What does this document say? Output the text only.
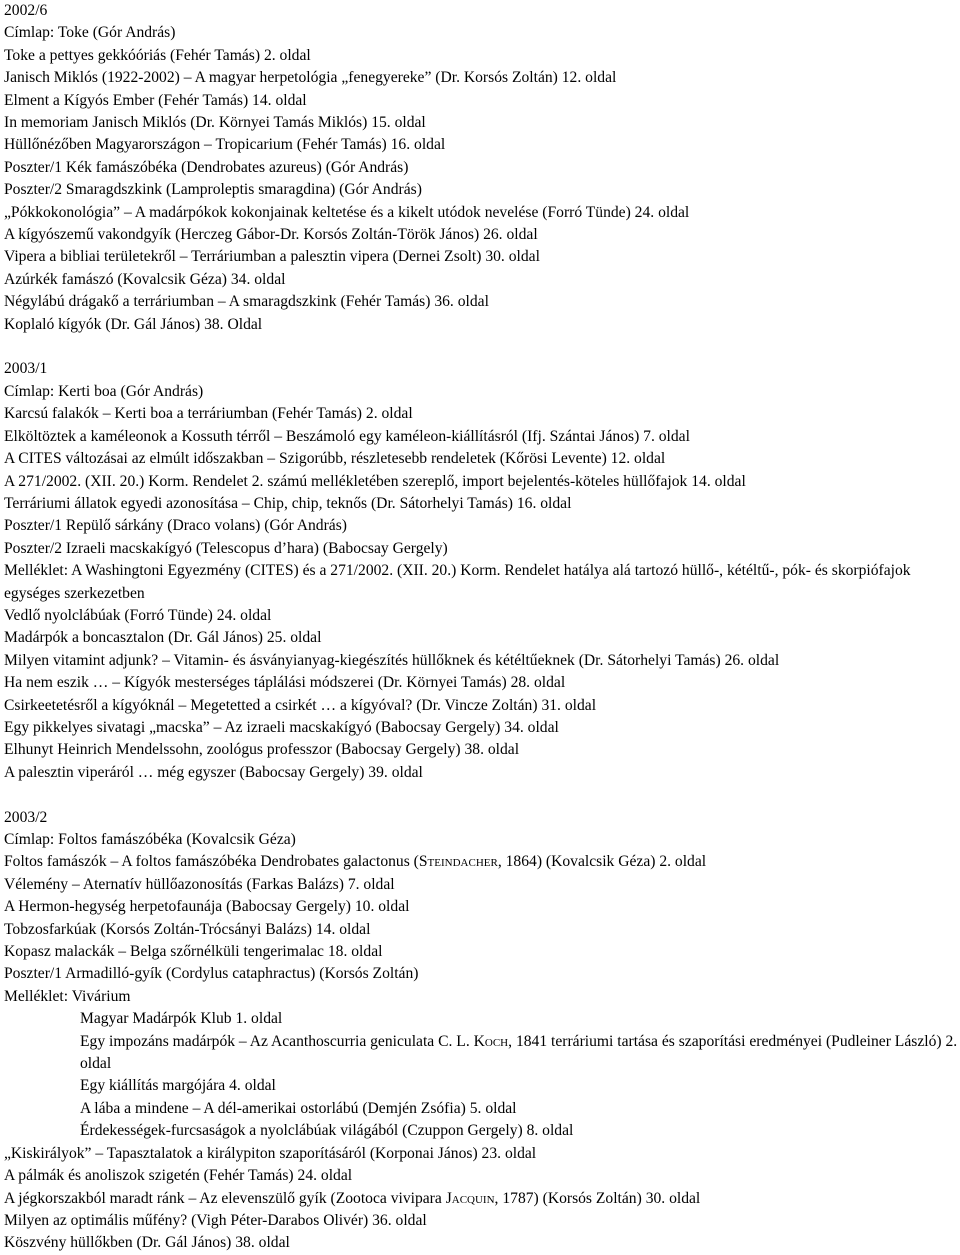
2002/6
Címlap: Toke (Gór András)
Toke a pettyes gekkóóriás (Fehér Tamás) 2. oldal
Janisch Miklós (1922-2002) – A magyar herpetológia „fenegyereke” (Dr. Korsós Zoltán) 12. oldal
Elment a Kígyós Ember (Fehér Tamás) 14. oldal
In memoriam Janisch Miklós (Dr. Környei Tamás Miklós) 15. oldal
Hüllőnézőben Magyarországon – Tropicarium (Fehér Tamás) 16. oldal
Poszter/1 Kék famászóbéka (Dendrobates azureus) (Gór András)
Poszter/2 Smaragdszkink (Lamproleptis smaragdina) (Gór András)
„Pókkokonológia” – A madárpókok kokonjainak keltetése és a kikelt utódok nevelése (Forró Tünde) 24. oldal
A kígyószemű vakondgyík (Herczeg Gábor-Dr. Korsós Zoltán-Török János) 26. oldal
Vipera a bibliai területekről – Terráriumban a palesztin vipera (Dernei Zsolt) 30. oldal
Azúrkék famászó (Kovalcsik Géza) 34. oldal
Négylábú drágakő a terráriumban – A smaragdszkink (Fehér Tamás) 36. oldal
Koplaló kígyók (Dr. Gál János) 38. Oldal
2003/1
Címlap: Kerti boa (Gór András)
Karcsú falakók – Kerti boa a terráriumban (Fehér Tamás) 2. oldal
Elköltöztek a kaméleonok a Kossuth térről – Beszámoló egy kaméleon-kiállításról (Ifj. Szántai János) 7. oldal
A CITES változásai az elmúlt időszakban – Szigorúbb, részletesebb rendeletek (Kőrösi Levente) 12. oldal
A 271/2002. (XII. 20.) Korm. Rendelet 2. számú mellékletében szereplő, import bejelentés-köteles hüllőfajok 14. oldal
Terráriumi állatok egyedi azonosítása – Chip, chip, teknős (Dr. Sátorhelyi Tamás) 16. oldal
Poszter/1 Repülő sárkány (Draco volans) (Gór András)
Poszter/2 Izraeli macskakígyó (Telescopus d’hara) (Babocsay Gergely)
Melléklet: A Washingtoni Egyezmény (CITES) és a 271/2002. (XII. 20.) Korm. Rendelet hatálya alá tartozó hüllő-, kétéltű-, pók- és skorpiófajok egységes szerkezetben
Vedlő nyolclábúak (Forró Tünde) 24. oldal
Madárpók a boncasztalon (Dr. Gál János) 25. oldal
Milyen vitamint adjunk? – Vitamin- és ásványianyag-kiegészítés hüllőknek és kétéltűeknek (Dr. Sátorhelyi Tamás) 26. oldal
Ha nem eszik … – Kígyók mesterséges táplálási módszerei (Dr. Környei Tamás) 28. oldal
Csirkeetetésről a kígyóknál – Megetetted a csirkét … a kígyóval? (Dr. Vincze Zoltán) 31. oldal
Egy pikkelyes sivatagi „macska” – Az izraeli macskakígyó (Babocsay Gergely) 34. oldal
Elhunyt Heinrich Mendelssohn, zoológus professzor (Babocsay Gergely) 38. oldal
A palesztin viperáról … még egyszer (Babocsay Gergely) 39. oldal
2003/2
Címlap: Foltos famászóbéka (Kovalcsik Géza)
Foltos famászók – A foltos famászóbéka Dendrobates galactonus (Steindacher, 1864) (Kovalcsik Géza) 2. oldal
Vélemény – Aternatív hüllőazonosítás (Farkas Balázs) 7. oldal
A Hermon-hegység herpetofaunája (Babocsay Gergely) 10. oldal
Tobzosfarkúak (Korsós Zoltán-Trócsányi Balázs) 14. oldal
Kopasz malackák – Belga szőrnélküli tengerimalac 18. oldal
Poszter/1 Armadilló-gyík (Cordylus cataphractus) (Korsós Zoltán)
Melléklet: Vivárium
Magyar Madárpók Klub 1. oldal
Egy impozáns madárpók – Az Acanthoscurria geniculata C. L. Koch, 1841 terráriumi tartása és szaporítási eredményei (Pudleiner László) 2. oldal
Egy kiállítás margójára 4. oldal
A lába a mindene – A dél-amerikai ostorlábú (Demjén Zsófia) 5. oldal
Érdekességek-furcsaságok a nyolclábúak világából (Czuppon Gergely) 8. oldal
„Kiskirályok” – Tapasztalatok a királypiton szaporításáról (Korponai János) 23. oldal
A pálmák és anoliszok szigetén (Fehér Tamás) 24. oldal
A jégkorszakból maradt ránk – Az elevenszülő gyík (Zootoca vivipara Jacquin, 1787) (Korsós Zoltán) 30. oldal
Milyen az optimális műfény? (Vigh Péter-Darabos Olivér) 36. oldal
Köszvény hüllőkben (Dr. Gál János) 38. oldal
